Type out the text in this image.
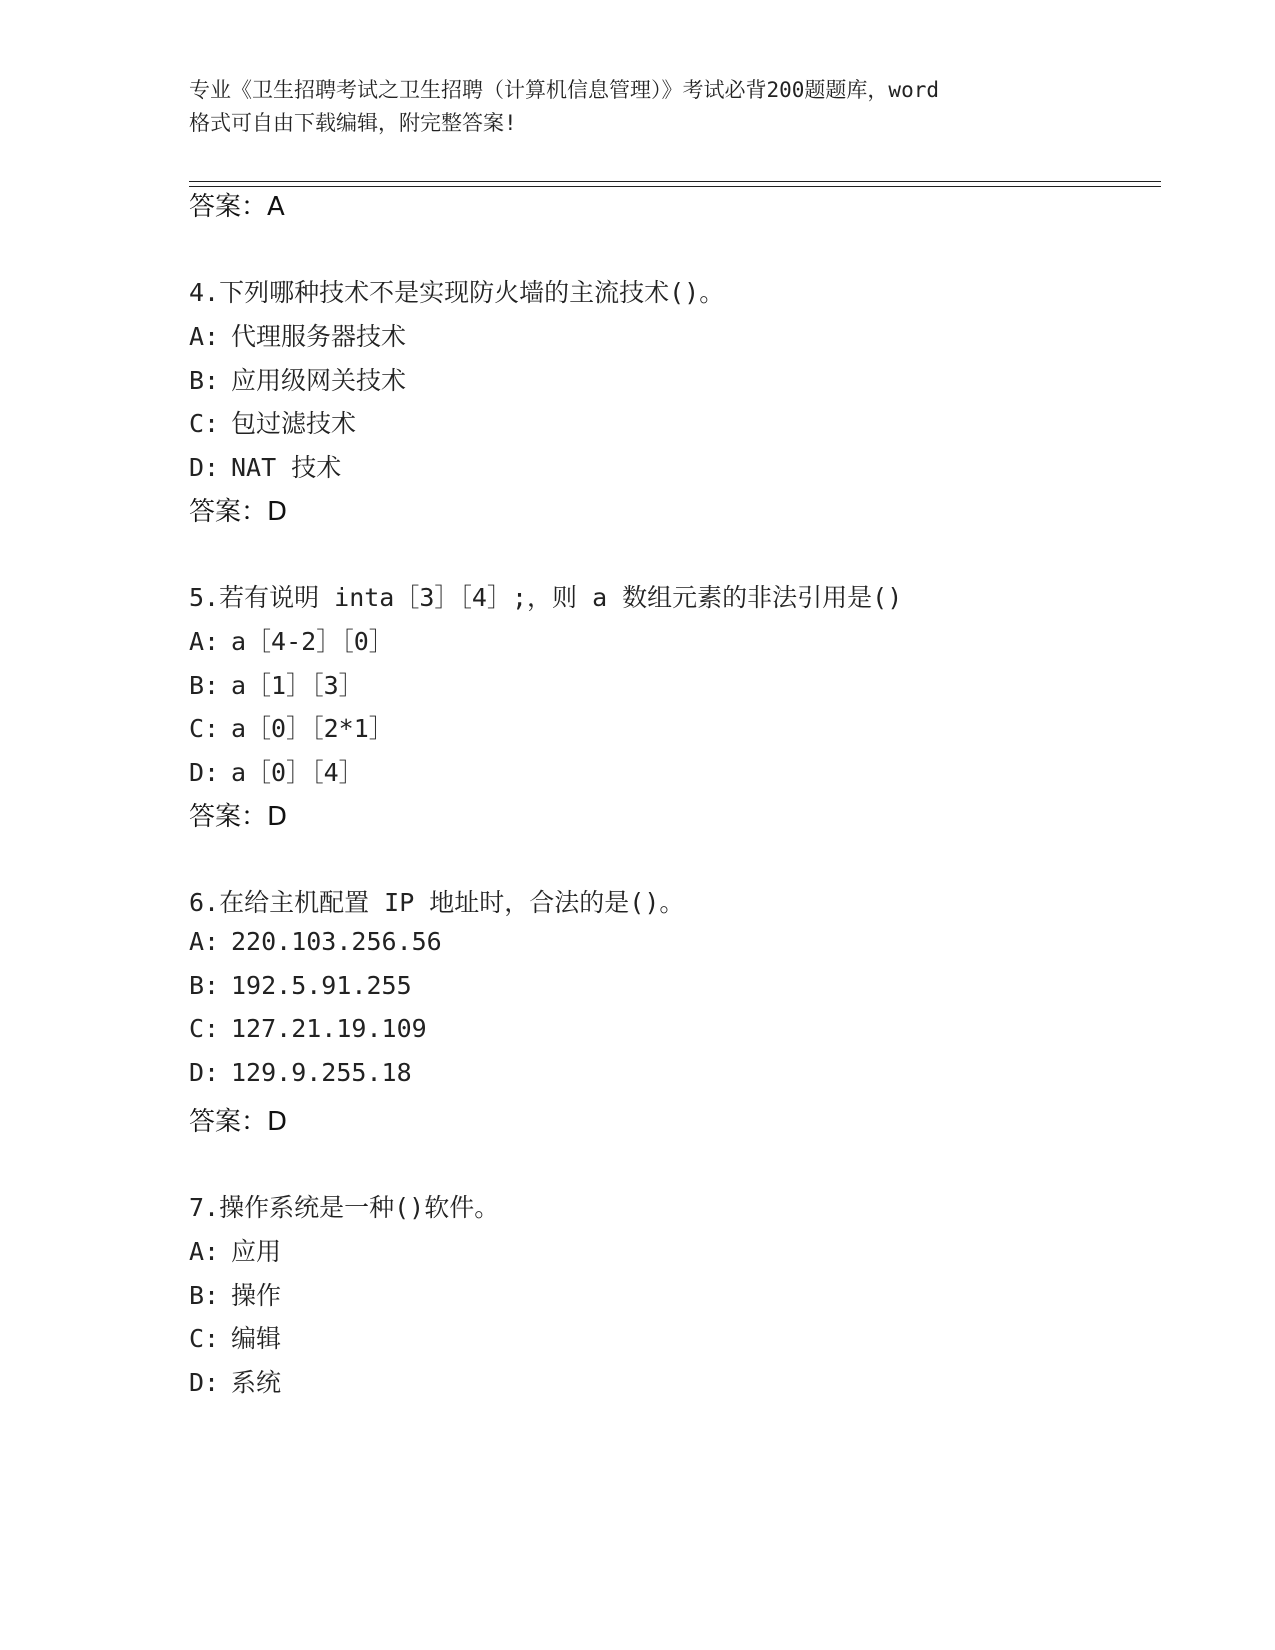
专业《卫生招聘考试之卫生招聘（计算机信息管理）》考试必背200题题库，word
格式可自由下载编辑，附完整答案!
答案：A
4.下列哪种技术不是实现防火墙的主流技术()。
A: 代理服务器技术
B: 应用级网关技术
C: 包过滤技术
D: NAT 技术
答案：D
5.若有说明 inta［3］［4］;，则 a 数组元素的非法引用是()
A: a［4-2］［0］
B: a［1］［3］
C: a［0］［2*1］
D: a［0］［4］
答案：D
6.在给主机配置 IP 地址时，合法的是()。
A: 220.103.256.56
B: 192.5.91.255
C: 127.21.19.109
D: 129.9.255.18
答案：D
7.操作系统是一种()软件。
A: 应用
B: 操作
C: 编辑
D: 系统
